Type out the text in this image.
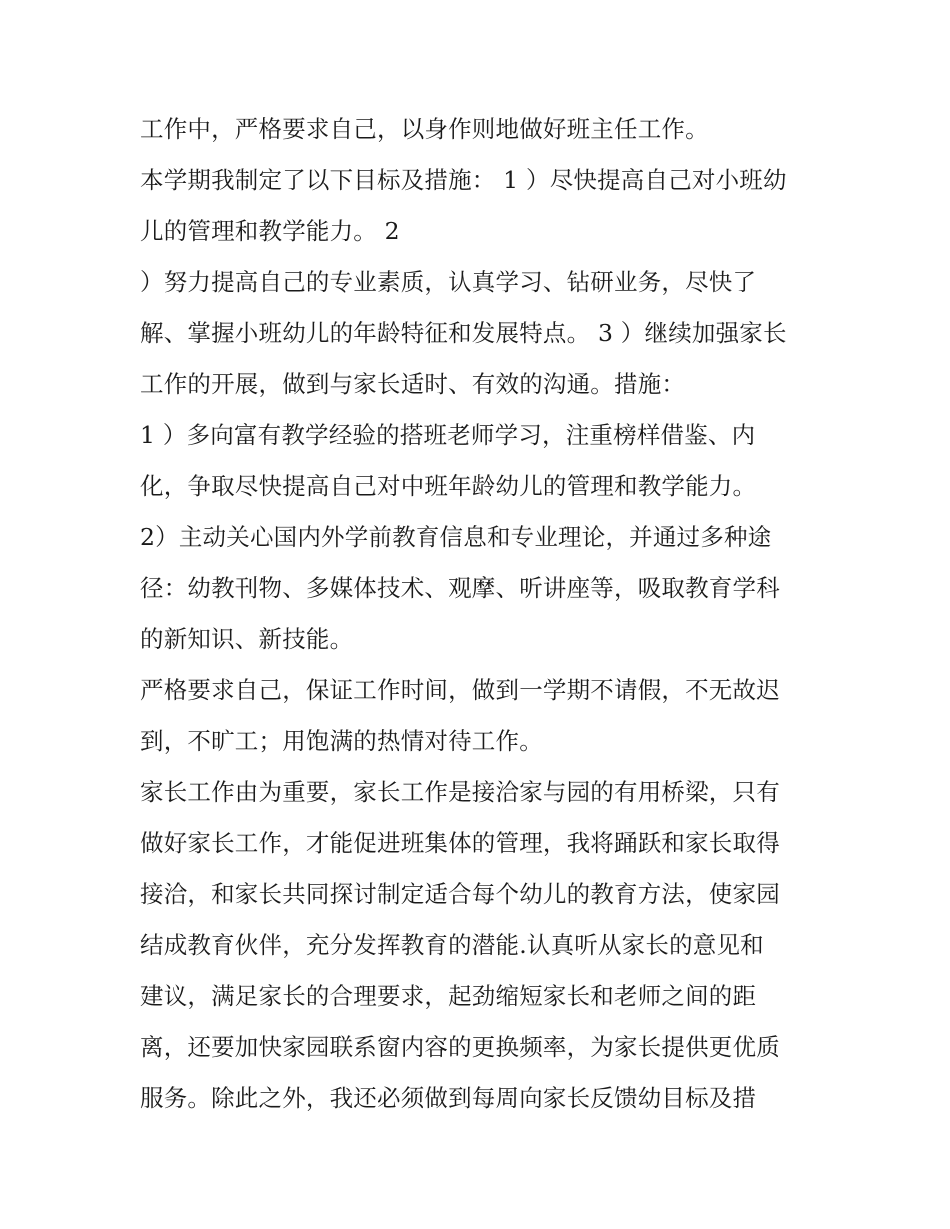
工作中，严格要求自己，以身作则地做好班主任工作。
本学期我制定了以下目标及措施： 1 ）尽快提高自己对小班幼
儿的管理和教学能力。 2
）努力提高自己的专业素质，认真学习、钻研业务，尽快了
解、掌握小班幼儿的年龄特征和发展特点。 3 ）继续加强家长
工作的开展，做到与家长适时、有效的沟通。措施：
1 ）多向富有教学经验的搭班老师学习，注重榜样借鉴、内
化，争取尽快提高自己对中班年龄幼儿的管理和教学能力。
2）主动关心国内外学前教育信息和专业理论，并通过多种途
径：幼教刊物、多媒体技术、观摩、听讲座等，吸取教育学科
的新知识、新技能。
严格要求自己，保证工作时间，做到一学期不请假，不无故迟
到，不旷工；用饱满的热情对待工作。
家长工作由为重要，家长工作是接洽家与园的有用桥梁，只有
做好家长工作，才能促进班集体的管理，我将踊跃和家长取得
接洽，和家长共同探讨制定适合每个幼儿的教育方法，使家园
结成教育伙伴，充分发挥教育的潜能.认真听从家长的意见和
建议，满足家长的合理要求，起劲缩短家长和老师之间的距
离，还要加快家园联系窗内容的更换频率，为家长提供更优质
服务。除此之外，我还必须做到每周向家长反馈幼目标及措
